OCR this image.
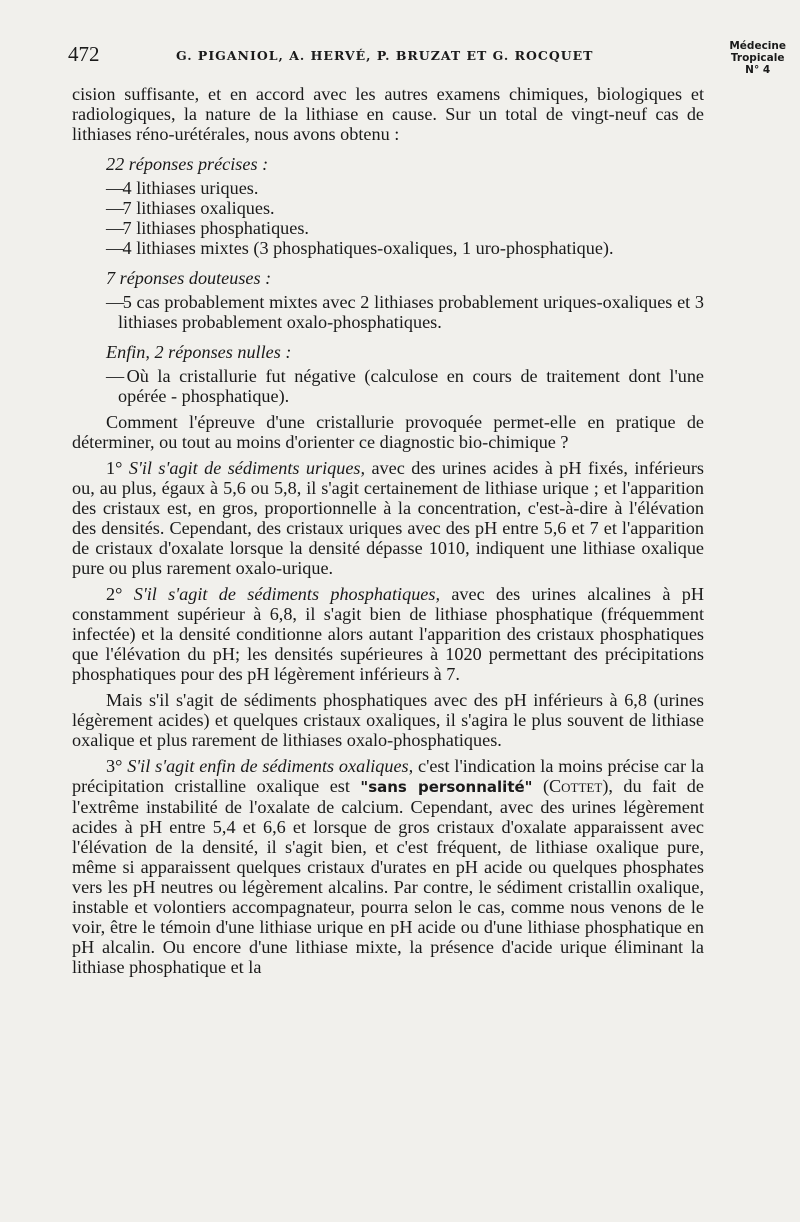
472	G. PIGANIOL, A. HERVÉ, P. BRUZAT ET G. ROCQUET
Médecine
Tropicale
N° 4

cision suffisante, et en accord avec les autres examens chimiques, biologiques et radiologiques, la nature de la lithiase en cause. Sur un total de vingt-neuf cas de lithiases réno-urétérales, nous avons obtenu :

22 réponses précises :

— 4 lithiases uriques.

— 7 lithiases oxaliques.

— 7 lithiases phosphatiques.

— 4 lithiases mixtes (3 phosphatiques-oxaliques, 1 uro-phosphatique).

7 réponses douteuses :

— 5 cas probablement mixtes avec 2 lithiases probablement uriques-oxaliques et 3 lithiases probablement oxalo-phosphatiques.

Enfin, 2 réponses nulles :

— Où la cristallurie fut négative (calculose en cours de traitement dont l'une opérée - phosphatique).

Comment l'épreuve d'une cristallurie provoquée permet-elle en pratique de déterminer, ou tout au moins d'orienter ce diagnostic bio-chimique ?

1° S'il s'agit de sédiments uriques, avec des urines acides à pH fixés, inférieurs ou, au plus, égaux à 5,6 ou 5,8, il s'agit certainement de lithiase urique ; et l'apparition des cristaux est, en gros, proportionnelle à la concentration, c'est-à-dire à l'élévation des densités. Cependant, des cristaux uriques avec des pH entre 5,6 et 7 et l'apparition de cristaux d'oxalate lorsque la densité dépasse 1010, indiquent une lithiase oxalique pure ou plus rarement oxalo-urique.

2° S'il s'agit de sédiments phosphatiques, avec des urines alcalines à pH constamment supérieur à 6,8, il s'agit bien de lithiase phosphatique (fréquemment infectée) et la densité conditionne alors autant l'apparition des cristaux phosphatiques que l'élévation du pH; les densités supérieures à 1020 permettant des précipitations phosphatiques pour des pH légèrement inférieurs à 7.

Mais s'il s'agit de sédiments phosphatiques avec des pH inférieurs à 6,8 (urines légèrement acides) et quelques cristaux oxaliques, il s'agira le plus souvent de lithiase oxalique et plus rarement de lithiases oxalo-phosphatiques.

3° S'il s'agit enfin de sédiments oxaliques, c'est l'indication la moins précise car la précipitation cristalline oxalique est "sans personnalité" (Cottet), du fait de l'extrême instabilité de l'oxalate de calcium. Cependant, avec des urines légèrement acides à pH entre 5,4 et 6,6 et lorsque de gros cristaux d'oxalate apparaissent avec l'élévation de la densité, il s'agit bien, et c'est fréquent, de lithiase oxalique pure, même si apparaissent quelques cristaux d'urates en pH acide ou quelques phosphates vers les pH neutres ou légèrement alcalins. Par contre, le sédiment cristallin oxalique, instable et volontiers accompagnateur, pourra selon le cas, comme nous venons de le voir, être le témoin d'une lithiase urique en pH acide ou d'une lithiase phosphatique en pH alcalin. Ou encore d'une lithiase mixte, la présence d'acide urique éliminant la lithiase phosphatique et la
